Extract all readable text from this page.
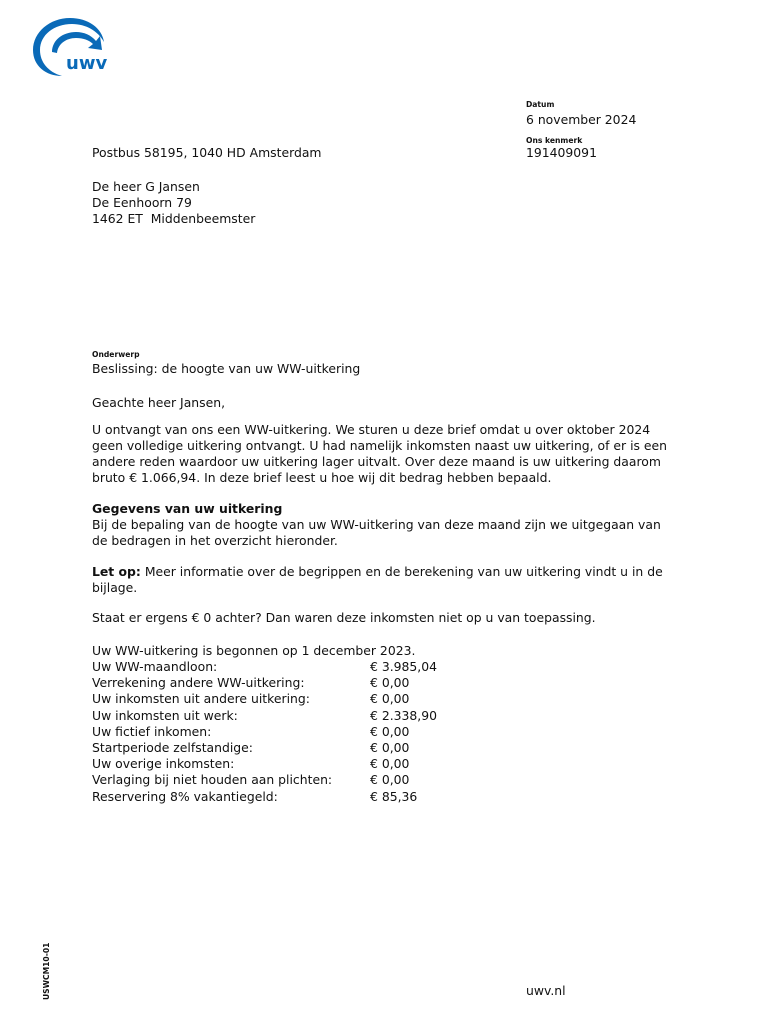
uwv
Datum
6 november 2024
Ons kenmerk
191409091
Postbus 58195, 1040 HD Amsterdam
De heer G Jansen
De Eenhoorn 79
1462 ET  Middenbeemster
Onderwerp
Beslissing: de hoogte van uw WW-uitkering
Geachte heer Jansen,
U ontvangt van ons een WW-uitkering. We sturen u deze brief omdat u over oktober 2024
geen volledige uitkering ontvangt. U had namelijk inkomsten naast uw uitkering, of er is een
andere reden waardoor uw uitkering lager uitvalt. Over deze maand is uw uitkering daarom
bruto € 1.066,94. In deze brief leest u hoe wij dit bedrag hebben bepaald.
Gegevens van uw uitkering
Bij de bepaling van de hoogte van uw WW-uitkering van deze maand zijn we uitgegaan van
de bedragen in het overzicht hieronder.
Let op: Meer informatie over de begrippen en de berekening van uw uitkering vindt u in de
bijlage.
Staat er ergens € 0 achter? Dan waren deze inkomsten niet op u van toepassing.
Uw WW-uitkering is begonnen op 1 december 2023.
Uw WW-maandloon:	€ 3.985,04
Verrekening andere WW-uitkering:	€ 0,00
Uw inkomsten uit andere uitkering:	€ 0,00
Uw inkomsten uit werk:	€ 2.338,90
Uw fictief inkomen:	€ 0,00
Startperiode zelfstandige:	€ 0,00
Uw overige inkomsten:	€ 0,00
Verlaging bij niet houden aan plichten:	€ 0,00
Reservering 8% vakantiegeld:	€ 85,36
uwv.nl
USWCM10-01
